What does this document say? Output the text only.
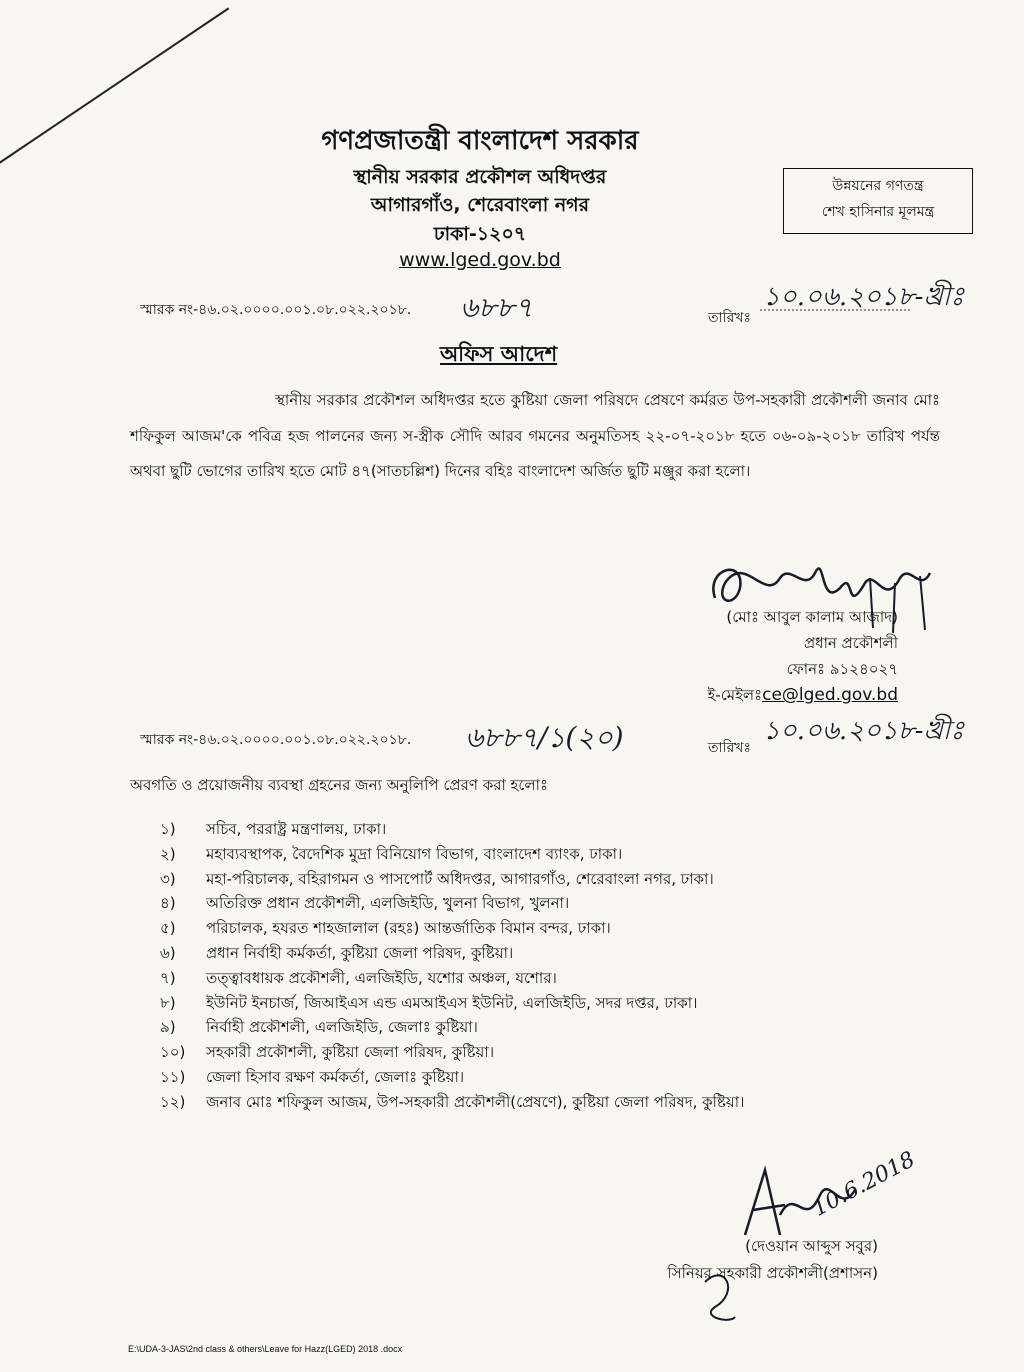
গণপ্রজাতন্ত্রী বাংলাদেশ সরকার
স্থানীয় সরকার প্রকৌশল অধিদপ্তর
আগারগাঁও, শেরেবাংলা নগর
ঢাকা-১২০৭
www.lged.gov.bd
উন্নয়নের গণতন্ত্র
শেখ হাসিনার মূলমন্ত্র
স্মারক নং-৪৬.০২.০০০০.০০১.০৮.০২২.২০১৮. ৬৮৮৭	তারিখঃ
১০.০৬.২০১৮-খ্রীঃ
অফিস আদেশ
স্থানীয় সরকার প্রকৌশল অধিদপ্তর হতে কুষ্টিয়া জেলা পরিষদে প্রেষণে কর্মরত উপ-সহকারী প্রকৌশলী জনাব মোঃ শফিকুল আজম'কে পবিত্র হজ পালনের জন্য স-স্ত্রীক সৌদি আরব গমনের অনুমতিসহ ২২-০৭-২০১৮ হতে ০৬-০৯-২০১৮ তারিখ পর্যন্ত অথবা ছুটি ভোগের তারিখ হতে মোট ৪৭(সাতচল্লিশ) দিনের বহিঃ বাংলাদেশ অর্জিত ছুটি মঞ্জুর করা হলো।
(মোঃ আবুল কালাম আজাদ)
প্রধান প্রকৌশলী
ফোনঃ ৯১২৪০২৭
ই-মেইলঃce@lged.gov.bd
স্মারক নং-৪৬.০২.০০০০.০০১.০৮.০২২.২০১৮. ৬৮৮৭/১(২০)	তারিখঃ
১০.০৬.২০১৮-খ্রীঃ
অবগতি ও প্রয়োজনীয় ব্যবস্থা গ্রহনের জন্য অনুলিপি প্রেরণ করা হলোঃ
১)	সচিব, পররাষ্ট্র মন্ত্রণালয়, ঢাকা।
২)	মহাব্যবস্থাপক, বৈদেশিক মুদ্রা বিনিয়োগ বিভাগ, বাংলাদেশ ব্যাংক, ঢাকা।
৩)	মহা-পরিচালক, বহিরাগমন ও পাসপোর্ট অধিদপ্তর, আগারগাঁও, শেরেবাংলা নগর, ঢাকা।
৪)	অতিরিক্ত প্রধান প্রকৌশলী, এলজিইডি, খুলনা বিভাগ, খুলনা।
৫)	পরিচালক, হযরত শাহজালাল (রহঃ) আন্তর্জাতিক বিমান বন্দর, ঢাকা।
৬)	প্রধান নির্বাহী কর্মকর্তা, কুষ্টিয়া জেলা পরিষদ, কুষ্টিয়া।
৭)	তত্ত্বাবধায়ক প্রকৌশলী, এলজিইডি, যশোর অঞ্চল, যশোর।
৮)	ইউনিট ইনচার্জ, জিআইএস এন্ড এমআইএস ইউনিট, এলজিইডি, সদর দপ্তর, ঢাকা।
৯)	নির্বাহী প্রকৌশলী, এলজিইডি, জেলাঃ কুষ্টিয়া।
১০)	সহকারী প্রকৌশলী, কুষ্টিয়া জেলা পরিষদ, কুষ্টিয়া।
১১)	জেলা হিসাব রক্ষণ কর্মকর্তা, জেলাঃ কুষ্টিয়া।
১২)	জনাব মোঃ শফিকুল আজম, উপ-সহকারী প্রকৌশলী(প্রেষণে), কুষ্টিয়া জেলা পরিষদ, কুষ্টিয়া।
10.6.2018
(দেওয়ান আব্দুস সবুর)
সিনিয়র সহকারী প্রকৌশলী(প্রশাসন)
E:\UDA-3-JAS\2nd class & others\Leave for Hazz(LGED) 2018 .docx
